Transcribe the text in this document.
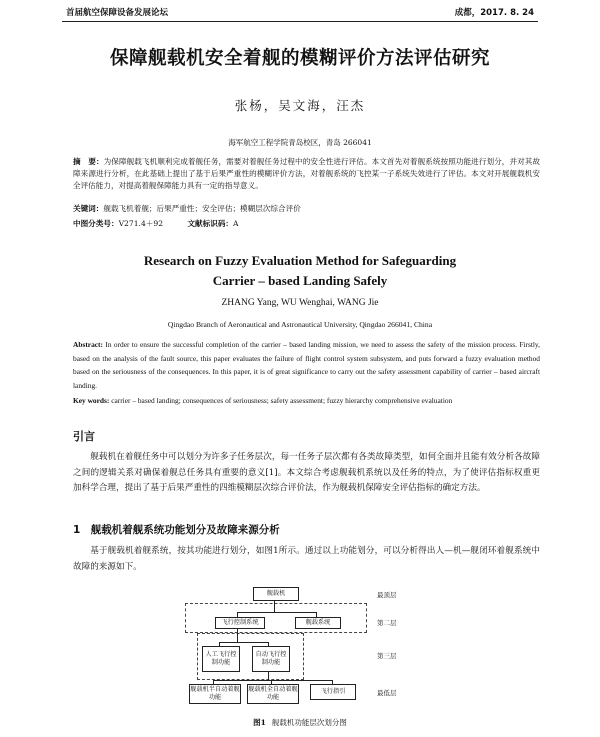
首届航空保障设备发展论坛	成都，2017. 8. 24
保障舰载机安全着舰的模糊评价方法评估研究
张杨，吴文海，汪杰
海军航空工程学院青岛校区，青岛 266041
摘　要：为保障舰载飞机顺利完成着舰任务，需要对着舰任务过程中的安全性进行评估。本文首先对着舰系统按照功能进行划分，并对其故障来源进行分析，在此基础上提出了基于后果严重性的模糊评价方法，对着舰系统的飞控某一子系统失效进行了评估。本文对开展舰载机安全评估能力，对提高着舰保障能力具有一定的指导意义。
关键词：舰载飞机着舰；后果严重性；安全评估；模糊层次综合评价
中图分类号：V271.4＋92	文献标识码：A
Research on Fuzzy Evaluation Method for Safeguarding
Carrier – based Landing Safely
ZHANG Yang, WU Wenghai, WANG Jie
Qingdao Branch of Aeronautical and Astronautical University, Qingdao 266041, China
Abstract: In order to ensure the successful completion of the carrier – based landing mission, we need to assess the safety of the mission process. Firstly, based on the analysis of the fault source, this paper evaluates the failure of flight control system subsystem, and puts forward a fuzzy evaluation method based on the seriousness of the consequences. In this paper, it is of great significance to carry out the safety assessment capability of carrier – based aircraft landing.
Key words: carrier – based landing; consequences of seriousness; safety assessment; fuzzy hierarchy comprehensive evaluation
引言
舰载机在着舰任务中可以划分为许多子任务层次，每一任务子层次都有各类故障类型，如何全面并且能有效分析各故障之间的逻辑关系对确保着舰总任务具有重要的意义[1]。本文综合考虑舰载机系统以及任务的特点，为了使评估指标权重更加科学合理，提出了基于后果严重性的四维模糊层次综合评价法，作为舰载机保障安全评估指标的确定方法。
1　舰载机着舰系统功能划分及故障来源分析
基于舰载机着舰系统，按其功能进行划分，如图1所示。通过以上功能划分，可以分析得出人—机—舰闭环着舰系统中故障的来源如下。
舰载机
飞行控制系统	舰载系统
人工飞行控制功能
自动飞行控制功能
舰载机半自动着舰功能
舰载机全自动着舰功能
飞行指引
最顶层
第二层
第三层
最低层
图1 舰载机功能层次划分图
